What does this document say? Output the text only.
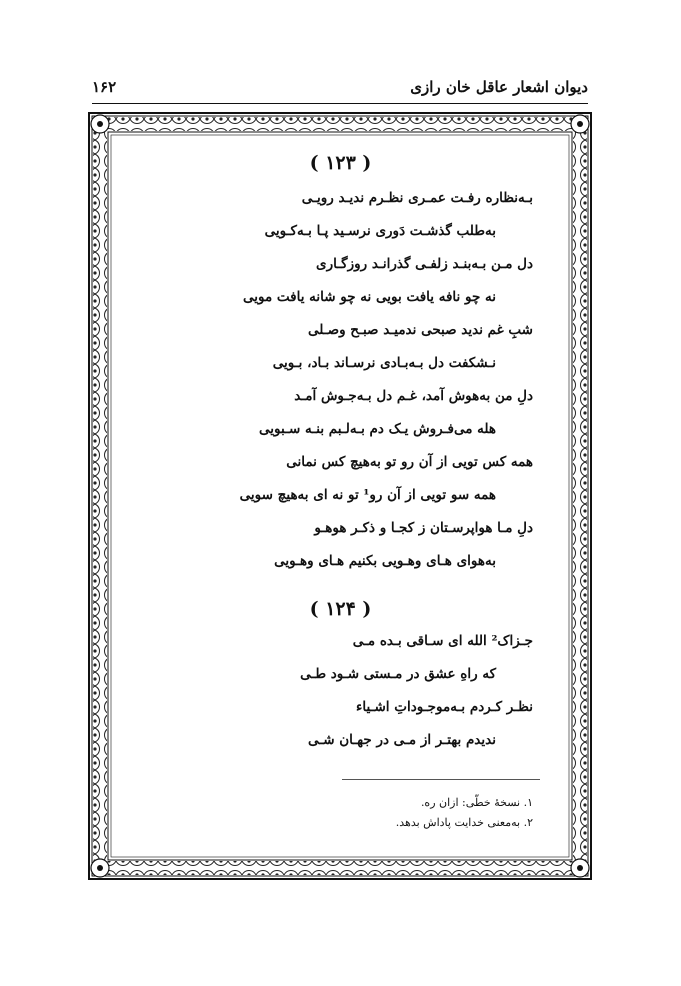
دیوان اشعار عاقل خان رازی
۱۶۲
( ۱۲۳ )
بـه‌نظاره رفـت عمـری نظـرم ندیـد رویـی
به‌طلب گذشـت دَوری نرسـید پـا بـه‌کـویی
دل مـن بـه‌بنـد زلفـی گذرانـد روزگـاری
نه چو نافه یافت بویی نه چو شانه یافت مویی
شبِ غم ندید صبحی ندمیـد صبـح وصـلی
نـشکفت دل بـه‌بـادی نرسـاند بـاد، بـویی
دلِ من به‌هوش آمد، غـم دل بـه‌جـوش آمـد
هله می‌فـروش یـک دم بـه‌لـبم بنـه سـبویی
همه کس تویی از آن رو تو به‌هیچ کس نمانی
همه سو تویی از آن رو¹ تو نه ای به‌هیچ سویی
دلِ مـا هواپرسـتان ز کجـا و ذکـر هوهـو
به‌هوای هـای وهـویی بکنیم هـای وهـویی
( ۱۲۴ )
جـزاک² الله ای سـاقی بـده مـی
که راهِ عشق در مـستی شـود طـی
نظـر کـردم بـه‌موجـوداتِ اشـیاء
ندیدم بهتـر از مـی در جهـان شـی
۱. نسخهٔ خطّی: ازان ره.
۲. به‌معنی خدایت پاداش بدهد.
